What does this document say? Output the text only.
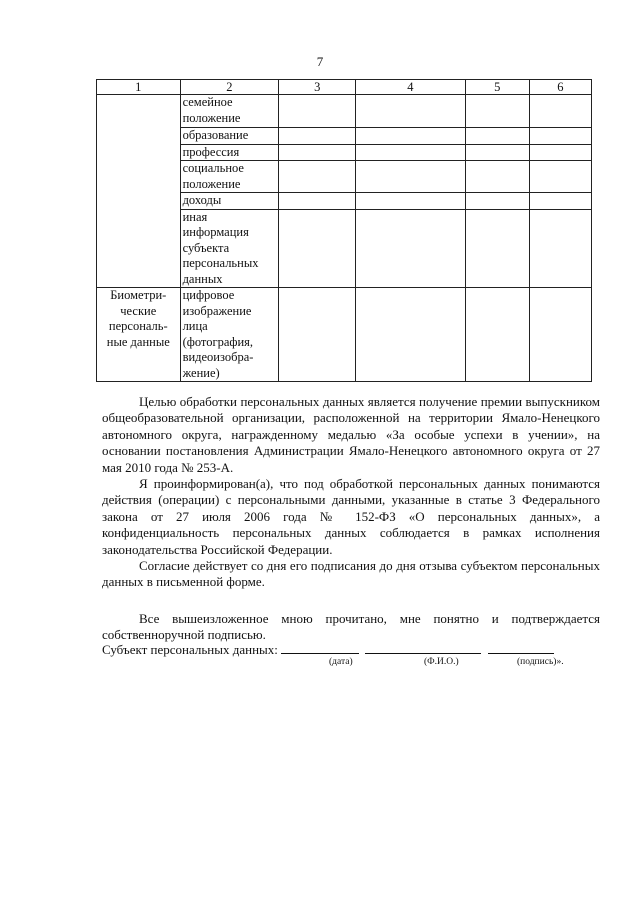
7
1	2	3	4	5	6
	семейное положение				
	образование				
	профессия				
	социальное положение				
	доходы				
	иная информация субъекта персональных данных				
Биометри-ческие персональ-ные данные	цифровое изображение лица (фотография, видеоизобра-жение)				

Целью обработки персональных данных является получение премии выпускником общеобразовательной организации, расположенной на территории Ямало-Ненецкого автономного округа, награжденному медалью «За особые успехи в учении», на основании постановления Администрации Ямало-Ненецкого автономного округа от 27 мая 2010 года № 253-А.

Я проинформирован(а), что под обработкой персональных данных понимаются действия (операции) с персональными данными, указанные в статье 3 Федерального закона от 27 июля 2006 года № 152-ФЗ «О персональных данных», а конфиденциальность персональных данных соблюдается в рамках исполнения законодательства Российской Федерации.

Согласие действует со дня его подписания до дня отзыва субъектом персональных данных в письменной форме.

Все вышеизложенное мною прочитано, мне понятно и подтверждается собственноручной подписью.

Субъект персональных данных:
(дата)	(Ф.И.О.)	(подпись)».
